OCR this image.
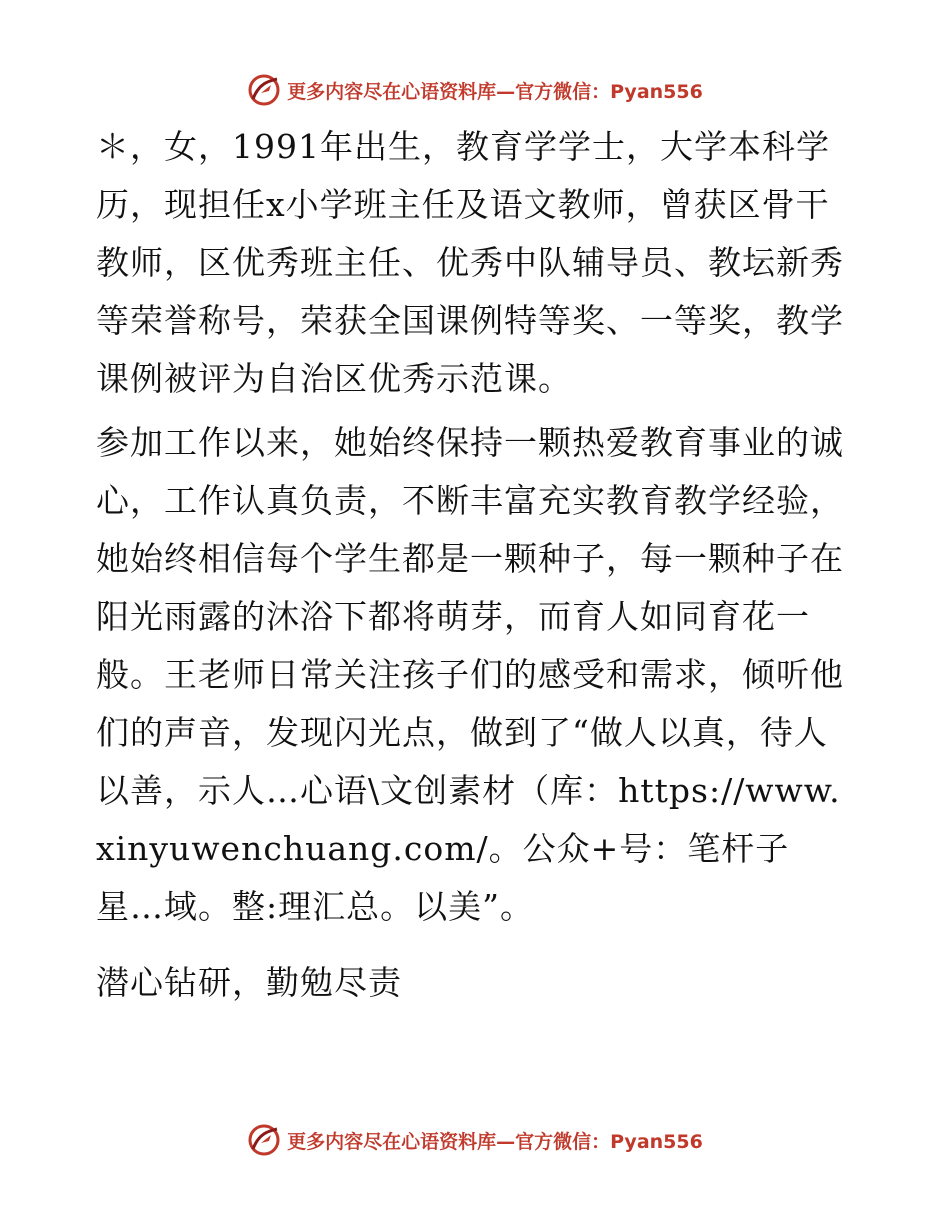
更多内容尽在心语资料库—官方微信：Pyan556

＊，女，1991年出生，教育学学士，大学本科学历，现担任x小学班主任及语文教师，曾获区骨干教师，区优秀班主任、优秀中队辅导员、教坛新秀等荣誉称号，荣获全国课例特等奖、一等奖，教学课例被评为自治区优秀示范课。

参加工作以来，她始终保持一颗热爱教育事业的诚心，工作认真负责，不断丰富充实教育教学经验，她始终相信每个学生都是一颗种子，每一颗种子在阳光雨露的沐浴下都将萌芽，而育人如同育花一般。王老师日常关注孩子们的感受和需求，倾听他们的声音，发现闪光点，做到了“做人以真，待人以善，示人…心语\文创素材（库：https://www.xinyuwenchuang.com/。公众+号：笔杆子星…域。整:理汇总。以美”。

潜心钻研，勤勉尽责

更多内容尽在心语资料库—官方微信：Pyan556
